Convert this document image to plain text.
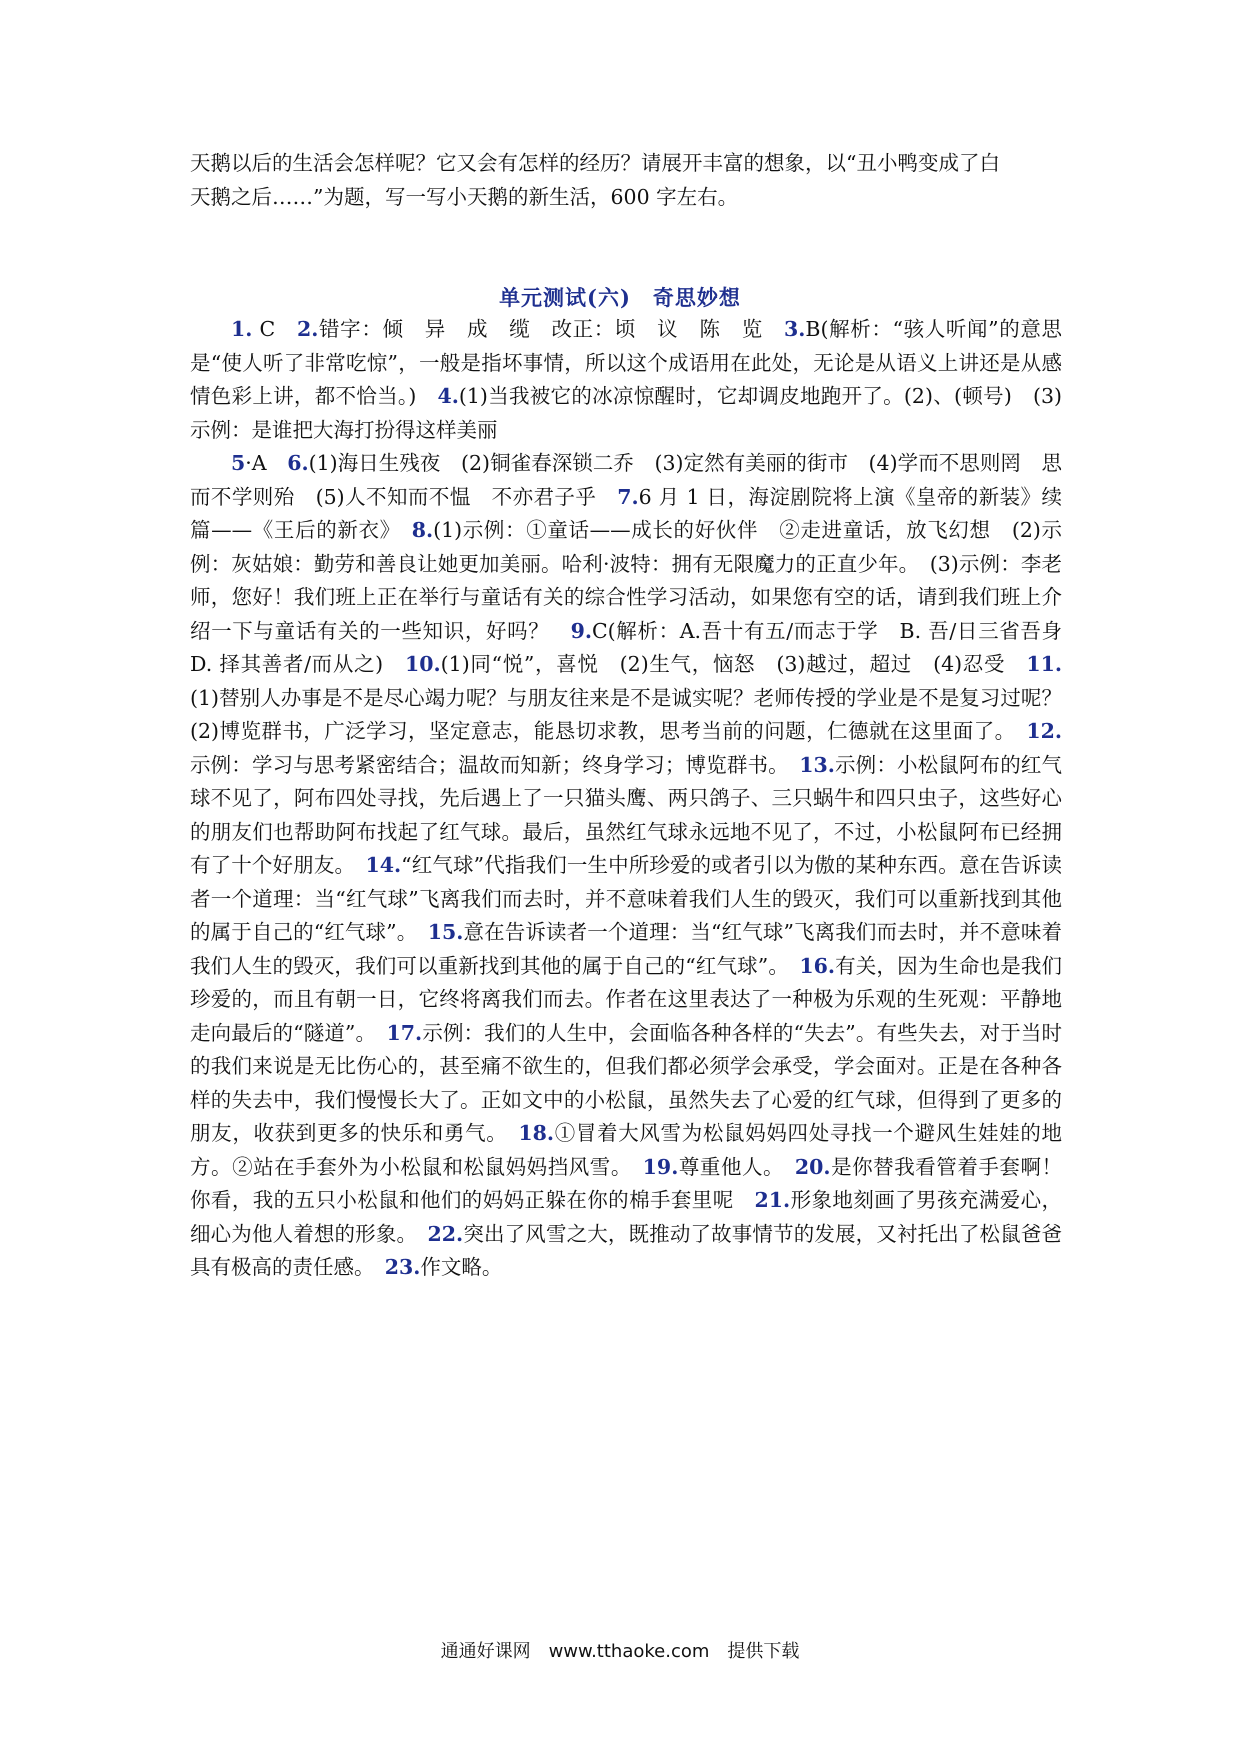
天鹅以后的生活会怎样呢？它又会有怎样的经历？请展开丰富的想象，以“丑小鸭变成了白
天鹅之后……”为题，写一写小天鹅的新生活，600 字左右。
单元测试(六)　奇思妙想

1. C　2.错字：倾　异　成　缆　改正：顷　议　陈　览　3.B(解析：“骇人听闻”的意思是“使人听了非常吃惊”，一般是指坏事情，所以这个成语用在此处，无论是从语义上讲还是从感情色彩上讲，都不恰当。)　4.(1)当我被它的冰凉惊醒时，它却调皮地跑开了。(2)、(顿号)　(3)示例：是谁把大海打扮得这样美丽

5·A　6.(1)海日生残夜　(2)铜雀春深锁二乔　(3)定然有美丽的街市　(4)学而不思则罔　思而不学则殆　(5)人不知而不愠　不亦君子乎　7.6 月 1 日，海淀剧院将上演《皇帝的新装》续篇——《王后的新衣》　8.(1)示例：①童话——成长的好伙伴　②走进童话，放飞幻想　(2)示例：灰姑娘：勤劳和善良让她更加美丽。哈利·波特：拥有无限魔力的正直少年。　(3)示例：李老师，您好！我们班上正在举行与童话有关的综合性学习活动，如果您有空的话，请到我们班上介绍一下与童话有关的一些知识，好吗？　9.C(解析：A.吾十有五/而志于学　B. 吾/日三省吾身　D. 择其善者/而从之)　10.(1)同“悦”，喜悦　(2)生气，恼怒　(3)越过，超过　(4)忍受　11.(1)替别人办事是不是尽心竭力呢？与朋友往来是不是诚实呢？老师传授的学业是不是复习过呢？　(2)博览群书，广泛学习，坚定意志，能恳切求教，思考当前的问题，仁德就在这里面了。　12.示例：学习与思考紧密结合；温故而知新；终身学习；博览群书。　13.示例：小松鼠阿布的红气球不见了，阿布四处寻找，先后遇上了一只猫头鹰、两只鸽子、三只蜗牛和四只虫子，这些好心的朋友们也帮助阿布找起了红气球。最后，虽然红气球永远地不见了，不过，小松鼠阿布已经拥有了十个好朋友。　14.“红气球”代指我们一生中所珍爱的或者引以为傲的某种东西。意在告诉读者一个道理：当“红气球”飞离我们而去时，并不意味着我们人生的毁灭，我们可以重新找到其他的属于自己的“红气球”。　15.意在告诉读者一个道理：当“红气球”飞离我们而去时，并不意味着我们人生的毁灭，我们可以重新找到其他的属于自己的“红气球”。　16.有关，因为生命也是我们珍爱的，而且有朝一日，它终将离我们而去。作者在这里表达了一种极为乐观的生死观：平静地走向最后的“隧道”。　17.示例：我们的人生中，会面临各种各样的“失去”。有些失去，对于当时的我们来说是无比伤心的，甚至痛不欲生的，但我们都必须学会承受，学会面对。正是在各种各样的失去中，我们慢慢长大了。正如文中的小松鼠，虽然失去了心爱的红气球，但得到了更多的朋友，收获到更多的快乐和勇气。　18.①冒着大风雪为松鼠妈妈四处寻找一个避风生娃娃的地方。②站在手套外为小松鼠和松鼠妈妈挡风雪。　19.尊重他人。　20.是你替我看管着手套啊！　你看，我的五只小松鼠和他们的妈妈正躲在你的棉手套里呢　21.形象地刻画了男孩充满爱心，细心为他人着想的形象。　22.突出了风雪之大，既推动了故事情节的发展，又衬托出了松鼠爸爸具有极高的责任感。　23.作文略。

通通好课网　www.tthaoke.com　提供下载
